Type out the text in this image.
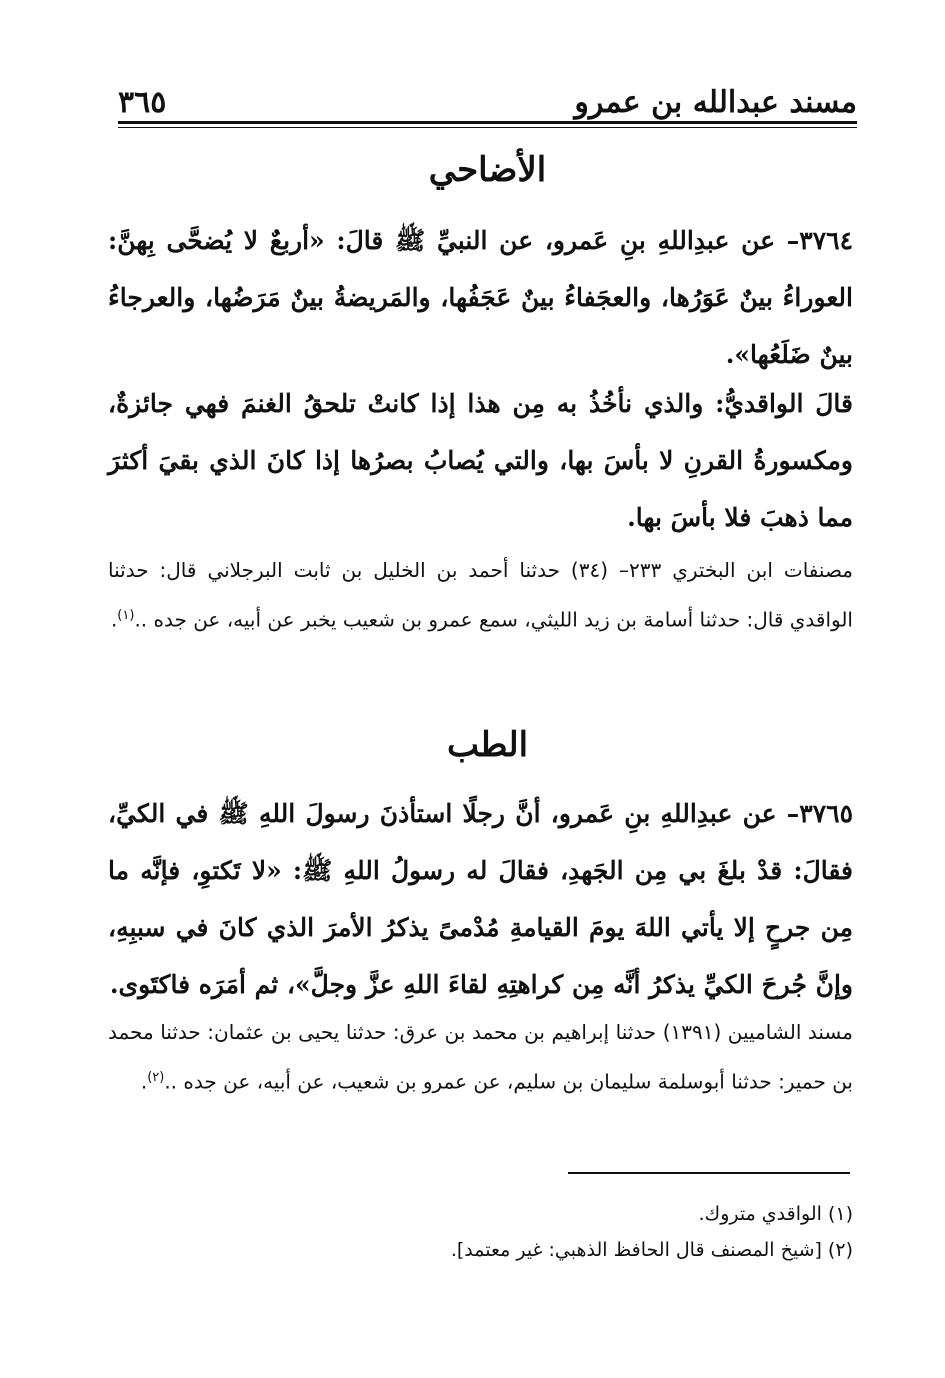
مسند عبدالله بن عمرو
٣٦٥
الأضاحي
٣٧٦٤– عن عبدِاللهِ بنِ عَمرو، عن النبيِّ ﷺ قالَ: «أربعٌ لا يُضحَّى بِهنَّ: العوراءُ بينٌ عَوَرُها، والعجَفاءُ بينٌ عَجَفُها، والمَريضةُ بينٌ مَرَضُها، والعرجاءُ بينٌ ضَلَعُها».
قالَ الواقديُّ: والذي نأخُذُ به مِن هذا إذا كانتْ تلحقُ الغنمَ فهي جائزةٌ، ومكسورةُ القرنِ لا بأسَ بها، والتي يُصابُ بصرُها إذا كانَ الذي بقيَ أكثرَ مما ذهبَ فلا بأسَ بها.
مصنفات ابن البختري ٢٣٣– (٣٤) حدثنا أحمد بن الخليل بن ثابت البرجلاني قال: حدثنا الواقدي قال: حدثنا أسامة بن زيد الليثي، سمع عمرو بن شعيب يخبر عن أبيه، عن جده ..$^{(١)}$.
الطب
٣٧٦٥– عن عبدِاللهِ بنِ عَمرو، أنَّ رجلًا استأذنَ رسولَ اللهِ ﷺ في الكيِّ، فقالَ: قدْ بلغَ بي مِن الجَهدِ، فقالَ له رسولُ اللهِ ﷺ: «لا تَكتوِ، فإنَّه ما مِن جرحٍ إلا يأتي اللهَ يومَ القيامةِ مُدْمىً يذكرُ الأمرَ الذي كانَ في سببِهِ، وإنَّ جُرحَ الكيِّ يذكرُ أنَّه مِن كراهتِهِ لقاءَ اللهِ عزَّ وجلَّ»، ثم أمَرَه فاكتَوى.
مسند الشاميين (١٣٩١) حدثنا إبراهيم بن محمد بن عرق: حدثنا يحيى بن عثمان: حدثنا محمد بن حمير: حدثنا أبوسلمة سليمان بن سليم، عن عمرو بن شعيب، عن أبيه، عن جده ..$^{(٢)}$.
(١) الواقدي متروك.
(٢) [شيخ المصنف قال الحافظ الذهبي: غير معتمد].
